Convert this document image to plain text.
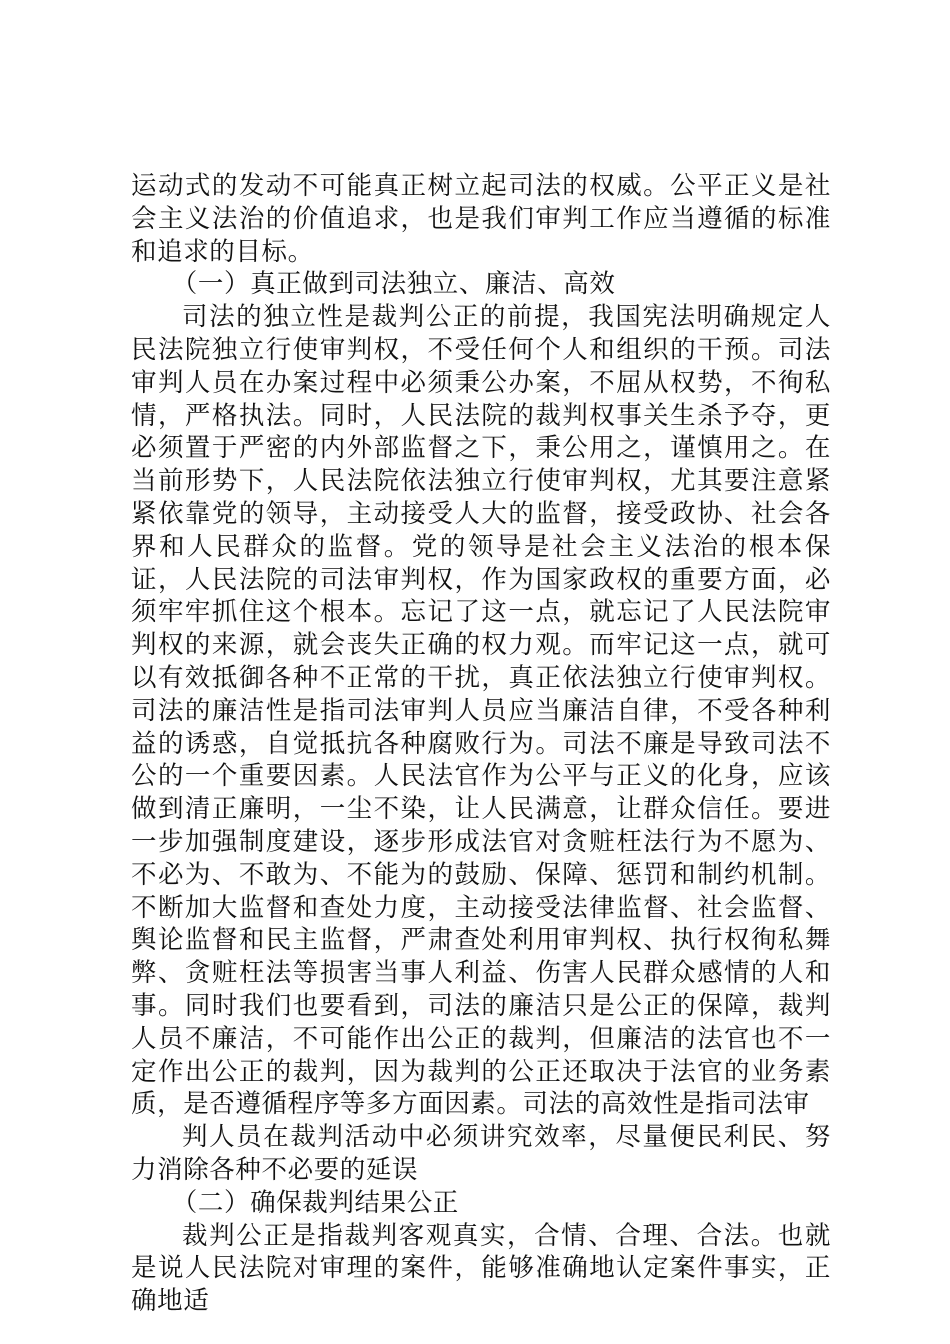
运动式的发动不可能真正树立起司法的权威。公平正义是社会主义法治的价值追求，也是我们审判工作应当遵循的标准和追求的目标。

（一）真正做到司法独立、廉洁、高效

司法的独立性是裁判公正的前提，我国宪法明确规定人民法院独立行使审判权，不受任何个人和组织的干预。司法审判人员在办案过程中必须秉公办案，不屈从权势，不徇私情，严格执法。同时，人民法院的裁判权事关生杀予夺，更必须置于严密的内外部监督之下，秉公用之，谨慎用之。在当前形势下，人民法院依法独立行使审判权，尤其要注意紧紧依靠党的领导，主动接受人大的监督，接受政协、社会各界和人民群众的监督。党的领导是社会主义法治的根本保证，人民法院的司法审判权，作为国家政权的重要方面，必须牢牢抓住这个根本。忘记了这一点，就忘记了人民法院审判权的来源，就会丧失正确的权力观。而牢记这一点，就可以有效抵御各种不正常的干扰，真正依法独立行使审判权。司法的廉洁性是指司法审判人员应当廉洁自律，不受各种利益的诱惑，自觉抵抗各种腐败行为。司法不廉是导致司法不公的一个重要因素。人民法官作为公平与正义的化身，应该做到清正廉明，一尘不染，让人民满意，让群众信任。要进一步加强制度建设，逐步形成法官对贪赃枉法行为不愿为、不必为、不敢为、不能为的鼓励、保障、惩罚和制约机制。不断加大监督和查处力度，主动接受法律监督、社会监督、舆论监督和民主监督，严肃查处利用审判权、执行权徇私舞弊、贪赃枉法等损害当事人利益、伤害人民群众感情的人和事。同时我们也要看到，司法的廉洁只是公正的保障，裁判人员不廉洁，不可能作出公正的裁判，但廉洁的法官也不一定作出公正的裁判，因为裁判的公正还取决于法官的业务素质，是否遵循程序等多方面因素。司法的高效性是指司法审

判人员在裁判活动中必须讲究效率，尽量便民利民、努力消除各种不必要的延误

（二）确保裁判结果公正

裁判公正是指裁判客观真实，合情、合理、合法。也就是说人民法院对审理的案件，能够准确地认定案件事实，正确地适
